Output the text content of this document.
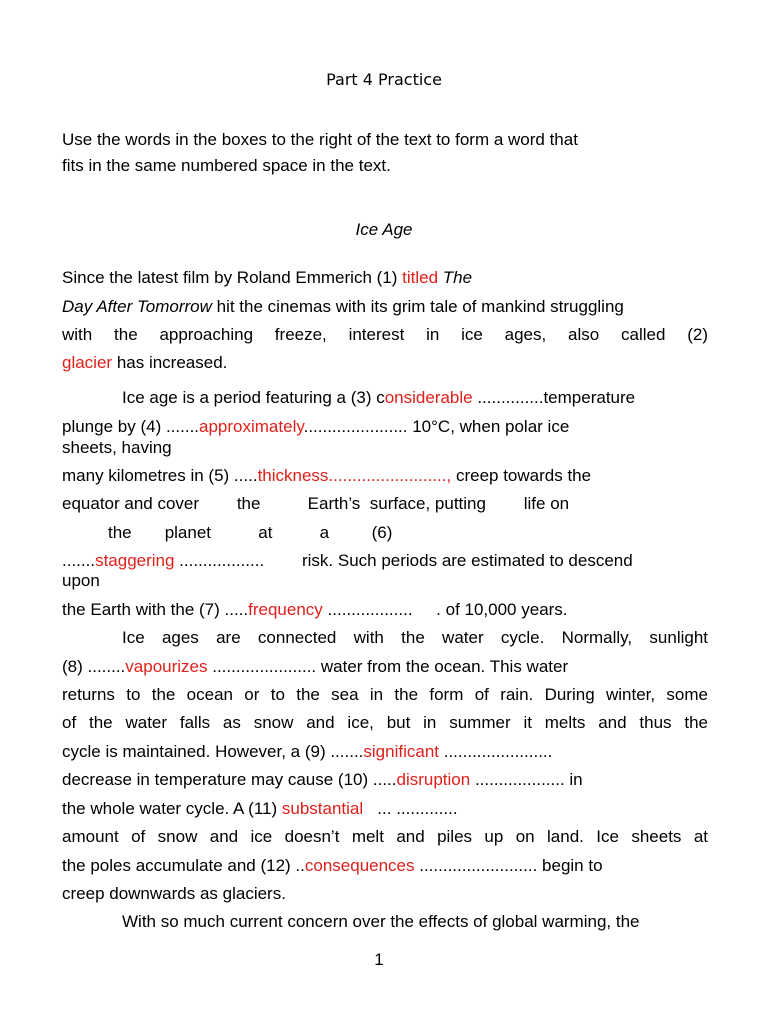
Part 4 Practice
Use the words in the boxes to the right of the text to form a word that
fits in the same numbered space in the text.
Ice Age
Since the latest film by Roland Emmerich (1) titled The
Day After Tomorrow hit the cinemas with its grim tale of mankind struggling
with the approaching freeze, interest in ice ages, also called (2)
glacier has increased.
Ice age is a period featuring a (3) considerable ..............temperature
plunge by (4) .......approximately...................... 10°C, when polar ice
sheets, having
many kilometres in (5) .....thickness........................., creep towards the
equator and cover        the          Earth’s  surface, putting        life on
the       planet          at          a         (6)
.......staggering ..................        risk. Such periods are estimated to descend
upon
the Earth with the (7) .....frequency ..................     . of 10,000 years.
Ice ages are connected with the water cycle. Normally, sunlight
(8) ........vapourizes ...................... water from the ocean. This water
returns to the ocean or to the sea in the form of rain. During winter, some
of the water falls as snow and ice, but in summer it melts and thus the
cycle is maintained. However, a (9) .......significant .......................
decrease in temperature may cause (10) .....disruption ................... in
the whole water cycle. A (11) substantial   ... .............
amount of snow and ice doesn’t melt and piles up on land. Ice sheets at
the poles accumulate and (12) ..consequences ......................... begin to
creep downwards as glaciers.
With so much current concern over the effects of global warming, the
1
